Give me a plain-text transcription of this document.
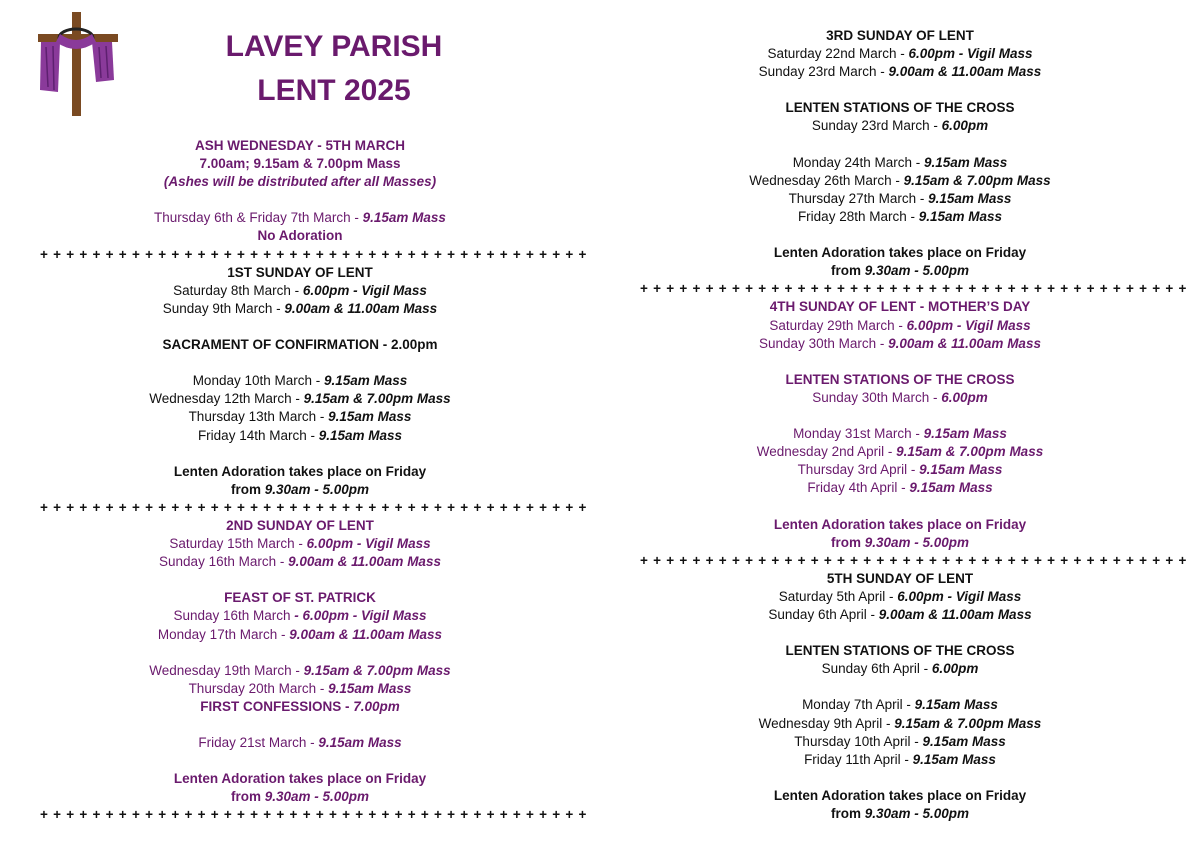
LAVEY PARISH
LENT 2025
ASH WEDNESDAY - 5TH MARCH
7.00am; 9.15am & 7.00pm Mass
(Ashes will be distributed after all Masses)
Thursday 6th & Friday 7th March - 9.15am Mass
No Adoration
+ + + + + + + + + + + + + + + + + + + + + + + + + + + + + + + + + + + + + + + + + +
1ST SUNDAY OF LENT
Saturday 8th March - 6.00pm - Vigil Mass
Sunday 9th March - 9.00am & 11.00am Mass
SACRAMENT OF CONFIRMATION - 2.00pm
Monday 10th March - 9.15am Mass
Wednesday 12th March - 9.15am & 7.00pm Mass
Thursday 13th March - 9.15am Mass
Friday 14th March - 9.15am Mass
Lenten Adoration takes place on Friday
from 9.30am - 5.00pm
+ + + + + + + + + + + + + + + + + + + + + + + + + + + + + + + + + + + + + + + + + +
2ND SUNDAY OF LENT
Saturday 15th March - 6.00pm - Vigil Mass
Sunday 16th March - 9.00am & 11.00am Mass
FEAST OF ST. PATRICK
Sunday 16th March - 6.00pm - Vigil Mass
Monday 17th March - 9.00am & 11.00am Mass
Wednesday 19th March - 9.15am & 7.00pm Mass
Thursday 20th March - 9.15am Mass
FIRST CONFESSIONS - 7.00pm
Friday 21st March - 9.15am Mass
Lenten Adoration takes place on Friday
from 9.30am - 5.00pm
+ + + + + + + + + + + + + + + + + + + + + + + + + + + + + + + + + + + + + + + + + +
3RD SUNDAY OF LENT
Saturday 22nd March - 6.00pm - Vigil Mass
Sunday 23rd March - 9.00am & 11.00am Mass
LENTEN STATIONS OF THE CROSS
Sunday 23rd March - 6.00pm
Monday 24th March - 9.15am Mass
Wednesday 26th March - 9.15am & 7.00pm Mass
Thursday 27th March - 9.15am Mass
Friday 28th March - 9.15am Mass
Lenten Adoration takes place on Friday
from 9.30am - 5.00pm
+ + + + + + + + + + + + + + + + + + + + + + + + + + + + + + + + + + + + + + + + + +
4TH SUNDAY OF LENT - MOTHER’S DAY
Saturday 29th March - 6.00pm - Vigil Mass
Sunday 30th March - 9.00am & 11.00am Mass
LENTEN STATIONS OF THE CROSS
Sunday 30th March - 6.00pm
Monday 31st March - 9.15am Mass
Wednesday 2nd April - 9.15am & 7.00pm Mass
Thursday 3rd April - 9.15am Mass
Friday 4th April - 9.15am Mass
Lenten Adoration takes place on Friday
from 9.30am - 5.00pm
+ + + + + + + + + + + + + + + + + + + + + + + + + + + + + + + + + + + + + + + + + +
5TH SUNDAY OF LENT
Saturday 5th April - 6.00pm - Vigil Mass
Sunday 6th April - 9.00am & 11.00am Mass
LENTEN STATIONS OF THE CROSS
Sunday 6th April - 6.00pm
Monday 7th April - 9.15am Mass
Wednesday 9th April - 9.15am & 7.00pm Mass
Thursday 10th April - 9.15am Mass
Friday 11th April - 9.15am Mass
Lenten Adoration takes place on Friday
from 9.30am - 5.00pm
